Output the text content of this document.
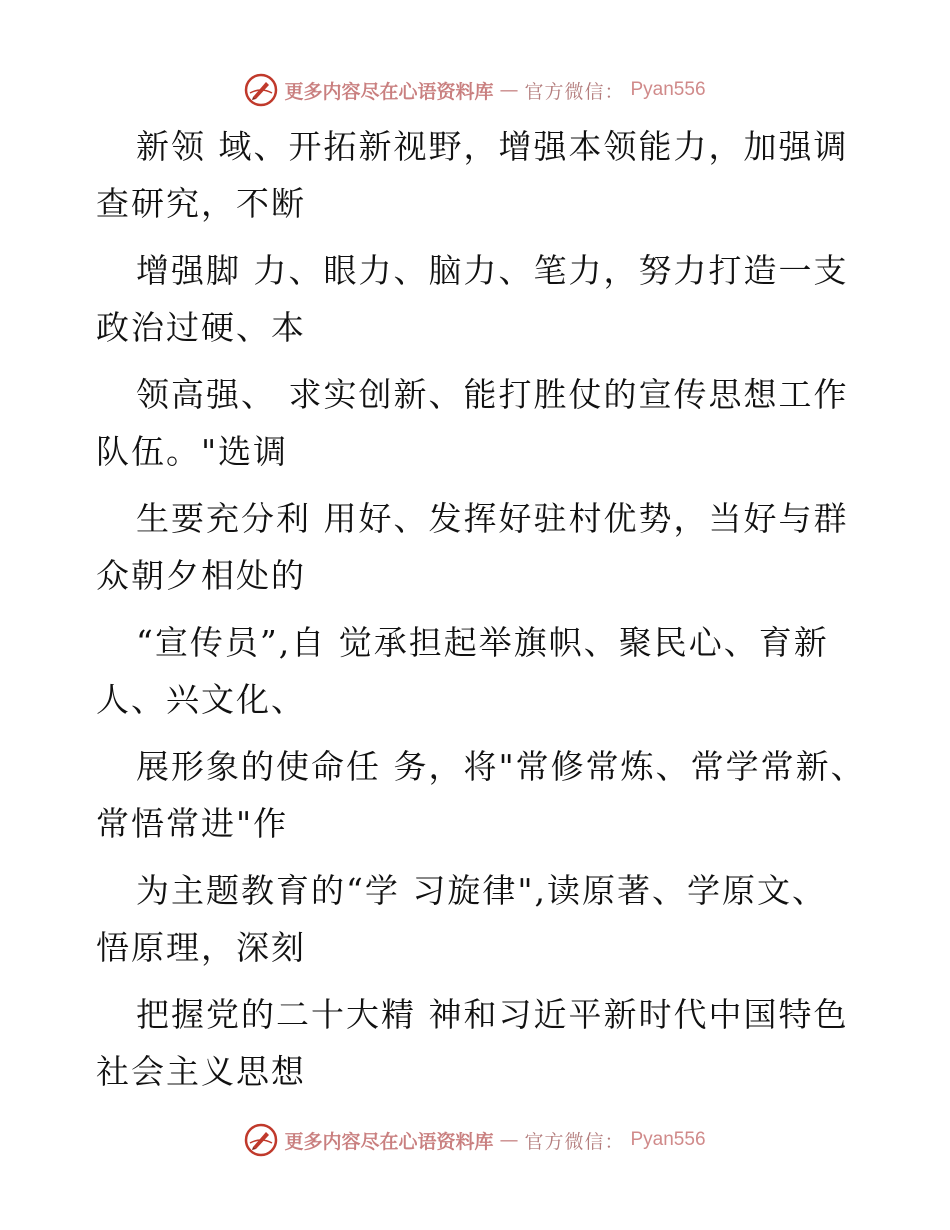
更多内容尽在心语资料库 — 官方微信： Pyan556

新领 域、开拓新视野，增强本领能力，加强调
查研究，不断

增强脚 力、眼力、脑力、笔力，努力打造一支
政治过硬、本

领高强、 求实创新、能打胜仗的宣传思想工作
队伍。"选调

生要充分利 用好、发挥好驻村优势，当好与群
众朝夕相处的

“宣传员”,自 觉承担起举旗帜、聚民心、育新
人、兴文化、

展形象的使命任 务，将"常修常炼、常学常新、
常悟常进"作

为主题教育的“学 习旋律",读原著、学原文、
悟原理，深刻

把握党的二十大精 神和习近平新时代中国特色
社会主义思想

更多内容尽在心语资料库 — 官方微信： Pyan556
